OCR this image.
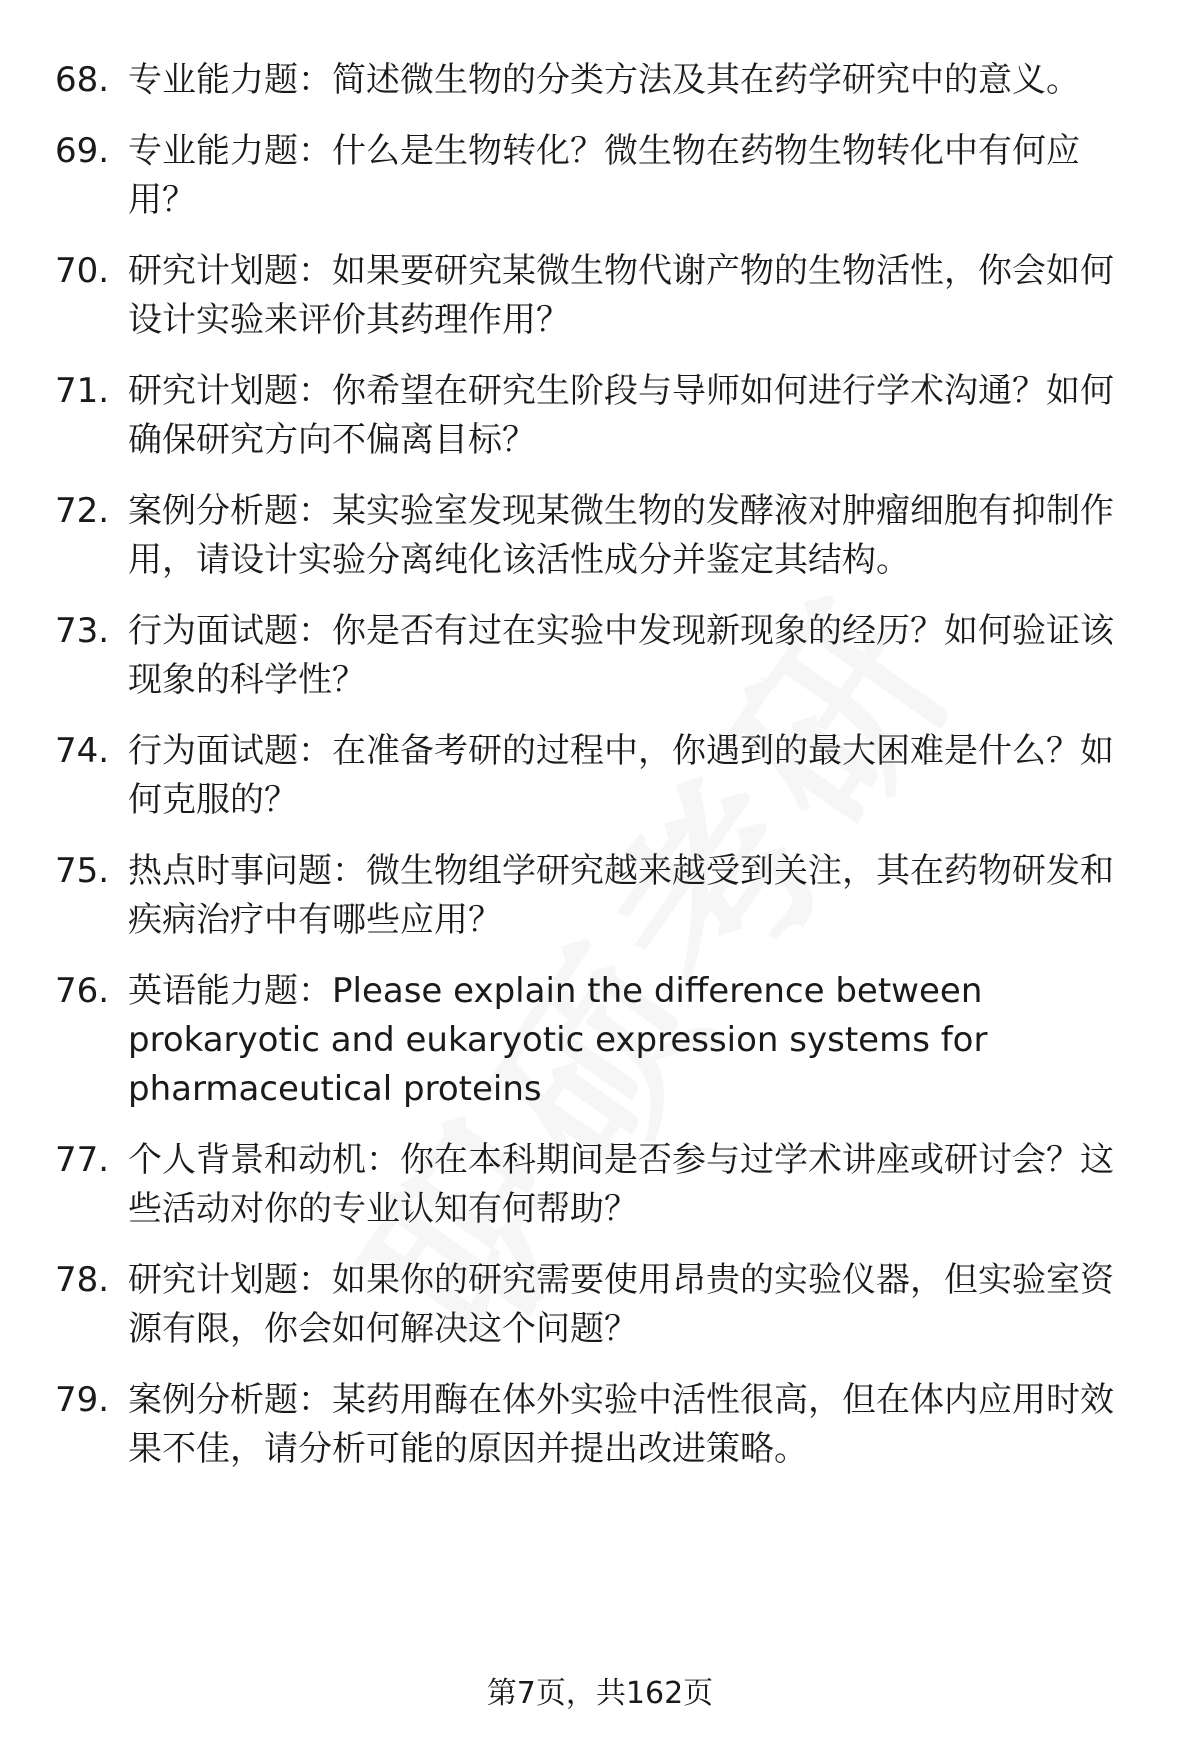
68. 专业能力题：简述微生物的分类方法及其在药学研究中的意义。
69. 专业能力题：什么是生物转化？微生物在药物生物转化中有何应用？
70. 研究计划题：如果要研究某微生物代谢产物的生物活性，你会如何设计实验来评价其药理作用？
71. 研究计划题：你希望在研究生阶段与导师如何进行学术沟通？如何确保研究方向不偏离目标？
72. 案例分析题：某实验室发现某微生物的发酵液对肿瘤细胞有抑制作用，请设计实验分离纯化该活性成分并鉴定其结构。
73. 行为面试题：你是否有过在实验中发现新现象的经历？如何验证该现象的科学性？
74. 行为面试题：在准备考研的过程中，你遇到的最大困难是什么？如何克服的？
75. 热点时事问题：微生物组学研究越来越受到关注，其在药物研发和疾病治疗中有哪些应用？
76. 英语能力题：Please explain the difference between prokaryotic and eukaryotic expression systems for pharmaceutical proteins
77. 个人背景和动机：你在本科期间是否参与过学术讲座或研讨会？这些活动对你的专业认知有何帮助？
78. 研究计划题：如果你的研究需要使用昂贵的实验仪器，但实验室资源有限，你会如何解决这个问题？
79. 案例分析题：某药用酶在体外实验中活性很高，但在体内应用时效果不佳，请分析可能的原因并提出改进策略。
第7页，共162页
